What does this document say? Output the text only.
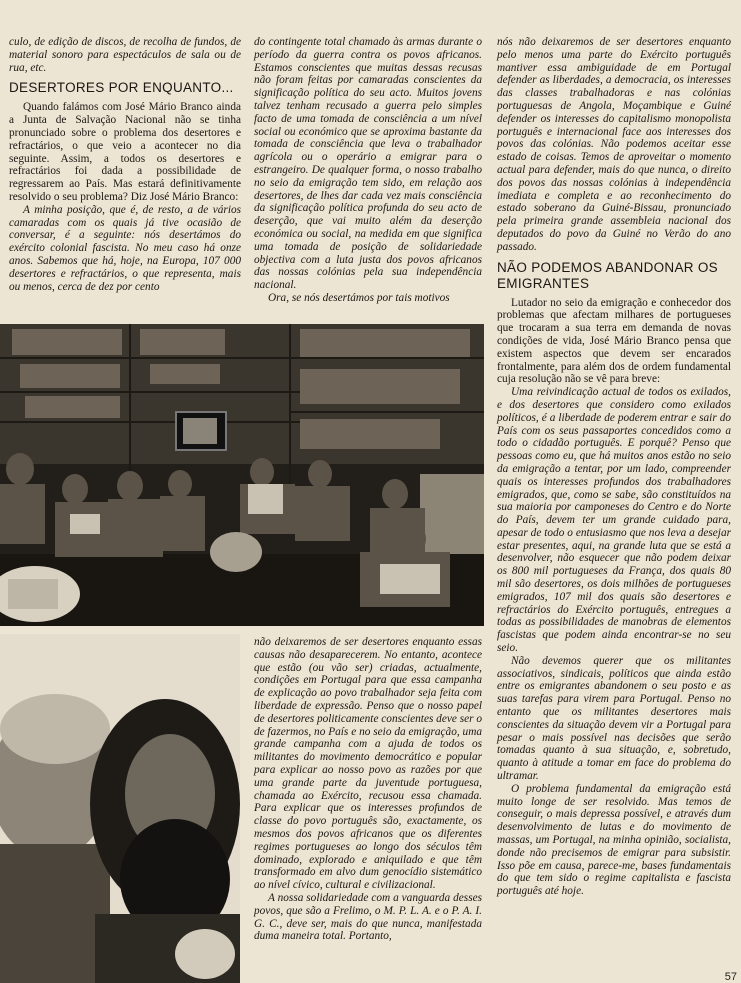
culo, de edição de discos, de recolha de fundos, de material sonoro para espectáculos de sala ou de rua, etc.

DESERTORES POR ENQUANTO...

Quando falámos com José Mário Branco ainda a Junta de Salvação Nacional não se tinha pronunciado sobre o problema dos desertores e refractários, o que veio a acontecer no dia seguinte. Assim, a todos os desertores e refractários foi dada a possibilidade de regressarem ao País. Mas estará definitivamente resolvido o seu problema? Diz José Mário Branco:

A minha posição, que é, de resto, a de vários camaradas com os quais já tive ocasião de conversar, é a seguinte: nós desertámos do exército colonial fascista. No meu caso há onze anos. Sabemos que há, hoje, na Europa, 107 000 desertores e refractários, o que representa, mais ou menos, cerca de dez por cento

do contingente total chamado às armas durante o período da guerra contra os povos africanos. Estamos conscientes que muitas dessas recusas não foram feitas por camaradas conscientes da significação política do seu acto. Muitos jovens talvez tenham recusado a guerra pelo simples facto de uma tomada de consciência a um nível social ou económico que se aproxima bastante da tomada de consciência que leva o trabalhador agrícola ou o operário a emigrar para o estrangeiro. De qualquer forma, o nosso trabalho no seio da emigração tem sido, em relação aos desertores, de lhes dar cada vez mais consciência da significação política profunda do seu acto de deserção, que vai muito além da deserção económica ou social, na medida em que significa uma tomada de posição de solidariedade objectiva com a luta justa dos povos africanos das nossas colónias pela sua independência nacional.

Ora, se nós desertámos por tais motivos

nós não deixaremos de ser desertores enquanto pelo menos uma parte do Exército português mantiver essa ambiguidade de em Portugal defender as liberdades, a democracia, os interesses das classes trabalhadoras e nas colónias portuguesas de Angola, Moçambique e Guiné defender os interesses do capitalismo monopolista português e internacional face aos interesses dos povos das colónias. Não podemos aceitar esse estado de coisas. Temos de aproveitar o momento actual para defender, mais do que nunca, o direito dos povos das nossas colónias à independência imediata e completa e ao reconhecimento do estado soberano da Guiné-Bissau, pronunciado pela primeira grande assembleia nacional dos deputados do povo da Guiné no Verão do ano passado.

NÃO PODEMOS ABANDONAR OS EMIGRANTES

Lutador no seio da emigração e conhecedor dos problemas que afectam milhares de portugueses que trocaram a sua terra em demanda de novas condições de vida, José Mário Branco pensa que existem aspectos que devem ser encarados frontalmente, para além dos de ordem fundamental cuja resolução não se vê para breve:

Uma reivindicação actual de todos os exilados, e dos desertores que considero como exilados políticos, é a liberdade de poderem entrar e sair do País com os seus passaportes concedidos como a todo o cidadão português. E porquê? Penso que pessoas como eu, que há muitos anos estão no seio da emigração a tentar, por um lado, compreender quais os interesses profundos dos trabalhadores emigrados, que, como se sabe, são constituídos na sua maioria por camponeses do Centro e do Norte do País, devem ter um grande cuidado para, apesar de todo o entusiasmo que nos leva a desejar estar presentes, aqui, na grande luta que se está a desenvolver, não esquecer que não podem deixar os 800 mil portugueses da França, dos quais 80 mil são desertores, os dois milhões de portugueses emigrados, 107 mil dos quais são desertores e refractários do Exército português, entregues a todas as possibilidades de manobras de elementos fascistas que podem ainda encontrar-se no seu seio.

Não devemos querer que os militantes associativos, sindicais, políticos que ainda estão entre os emigrantes abandonem o seu posto e as suas tarefas para virem para Portugal. Penso no entanto que os militantes desertores mais conscientes da situação devem vir a Portugal para pesar o mais possível nas decisões que serão tomadas quanto à sua situação, e, sobretudo, quanto à atitude a tomar em face do problema do ultramar.

O problema fundamental da emigração está muito longe de ser resolvido. Mas temos de conseguir, o mais depressa possível, e através dum desenvolvimento de lutas e do movimento de massas, um Portugal, na minha opinião, socialista, donde não precisemos de emigrar para subsistir. Isso põe em causa, parece-me, bases fundamentais do que tem sido o regime capitalista e fascista português até hoje.

não deixaremos de ser desertores enquanto essas causas não desaparecerem. No entanto, acontece que estão (ou vão ser) criadas, actualmente, condições em Portugal para que essa campanha de explicação ao povo trabalhador seja feita com liberdade de expressão. Penso que o nosso papel de desertores politicamente conscientes deve ser o de fazermos, no País e no seio da emigração, uma grande campanha com a ajuda de todos os militantes do movimento democrático e popular para explicar ao nosso povo as razões por que uma grande parte da juventude portuguesa, chamada ao Exército, recusou essa chamada. Para explicar que os interesses profundos de classe do povo português são, exactamente, os mesmos dos povos africanos que os diferentes regimes portugueses ao longo dos séculos têm dominado, explorado e aniquilado e que têm transformado em alvo dum genocídio sistemático ao nível cívico, cultural e civilizacional.

A nossa solidariedade com a vanguarda desses povos, que são a Frelimo, o M. P. L. A. e o P. A. I. G. C., deve ser, mais do que nunca, manifestada duma maneira total. Portanto,

57
